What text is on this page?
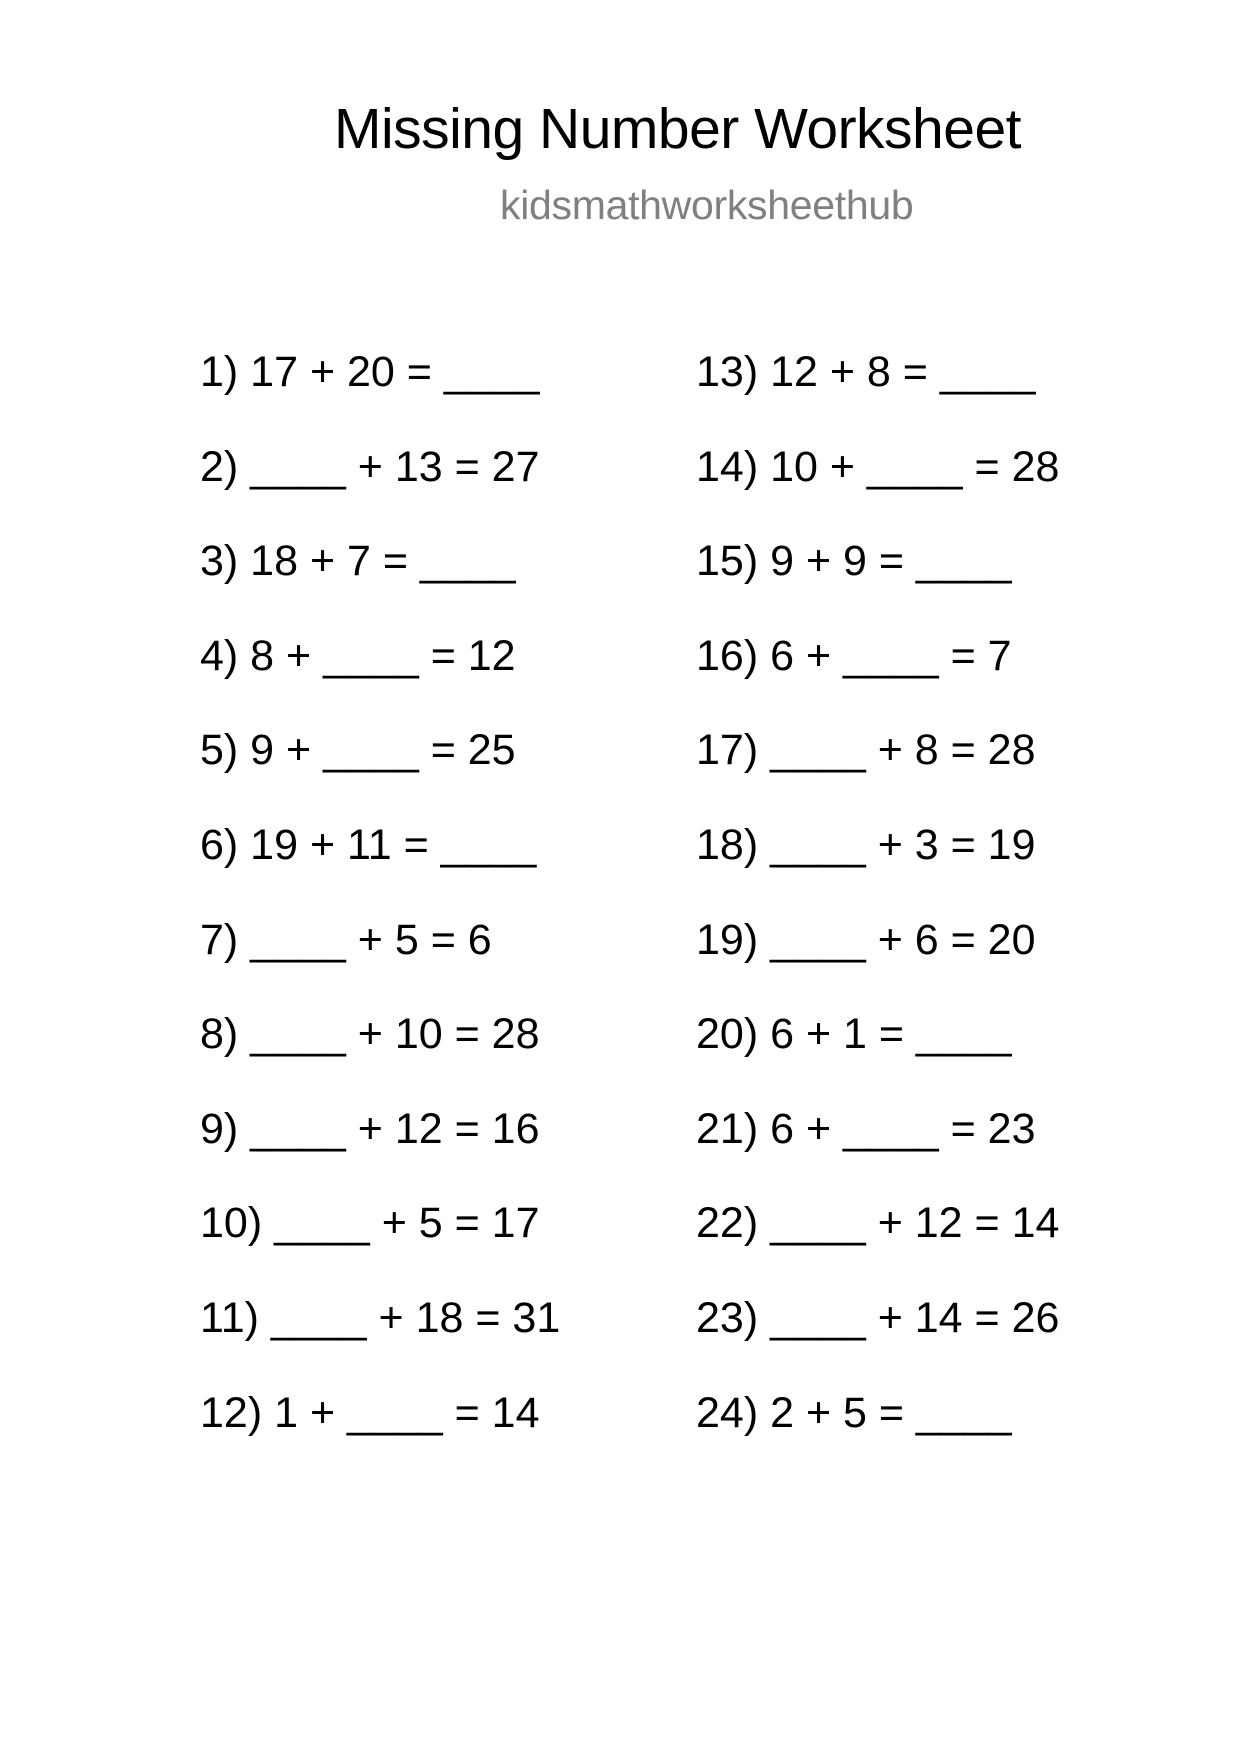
Missing Number Worksheet
kidsmathworksheethub
1) 17 + 20 = ____
2) ____ + 13 = 27
3) 18 + 7 = ____
4) 8 + ____ = 12
5) 9 + ____ = 25
6) 19 + 11 = ____
7) ____ + 5 = 6
8) ____ + 10 = 28
9) ____ + 12 = 16
10) ____ + 5 = 17
11) ____ + 18 = 31
12) 1 + ____ = 14
13) 12 + 8 = ____
14) 10 + ____ = 28
15) 9 + 9 = ____
16) 6 + ____ = 7
17) ____ + 8 = 28
18) ____ + 3 = 19
19) ____ + 6 = 20
20) 6 + 1 = ____
21) 6 + ____ = 23
22) ____ + 12 = 14
23) ____ + 14 = 26
24) 2 + 5 = ____
